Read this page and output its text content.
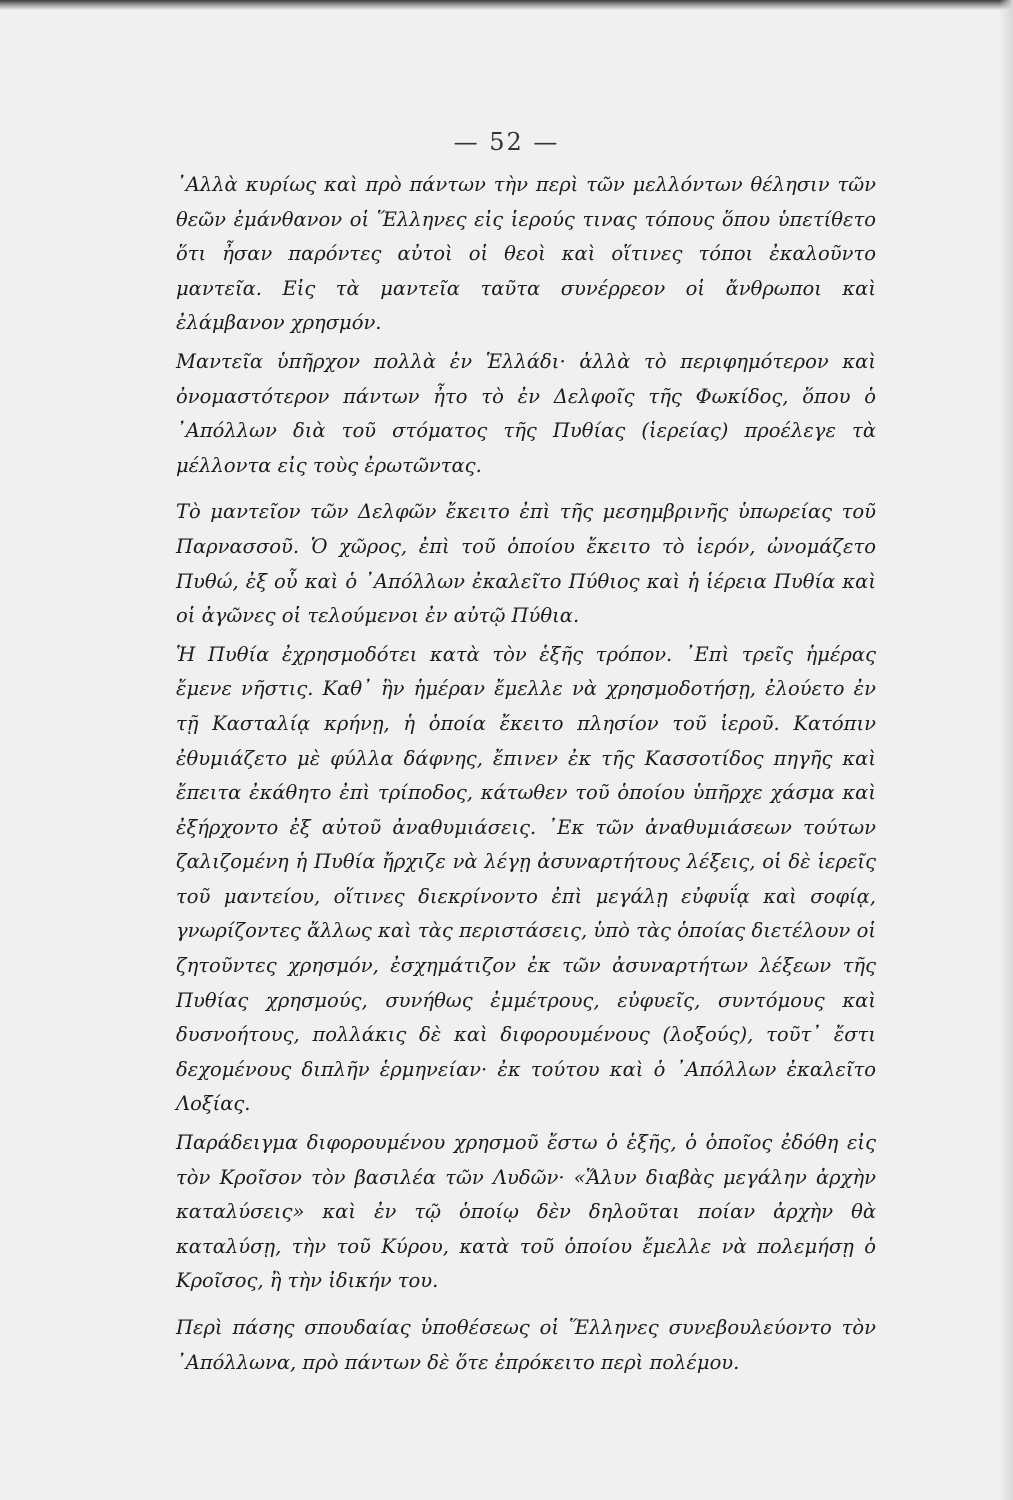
— 52 —

᾿Αλλὰ κυρίως καὶ πρὸ πάντων τὴν περὶ τῶν μελλόντων θέλησιν τῶν θεῶν ἐμάνθανον οἱ Ἕλληνες εἰς ἱερούς τινας τόπους ὅπου ὑπετίθετο ὅτι ἦσαν παρόντες αὐτοὶ οἱ θεοὶ καὶ οἵτινες τόποι ἐκαλοῦντο μαντεῖα. Εἰς τὰ μαντεῖα ταῦτα συνέρρεον οἱ ἄνθρωποι καὶ ἐλάμβανον χρησμόν.

Μαντεῖα ὑπῆρχον πολλὰ ἐν Ἑλλάδι· ἀλλὰ τὸ περιφημότερον καὶ ὀνομαστότερον πάντων ἦτο τὸ ἐν Δελφοῖς τῆς Φωκίδος, ὅπου ὁ ᾿Απόλλων διὰ τοῦ στόματος τῆς Πυθίας (ἱερείας) προέλεγε τὰ μέλλοντα εἰς τοὺς ἐρωτῶντας.

Τὸ μαντεῖον τῶν Δελφῶν ἔκειτο ἐπὶ τῆς μεσημβρινῆς ὑπωρείας τοῦ Παρνασσοῦ. Ὁ χῶρος, ἐπὶ τοῦ ὁποίου ἔκειτο τὸ ἱερόν, ὠνομάζετο Πυθώ, ἐξ οὗ καὶ ὁ ᾿Απόλλων ἐκαλεῖτο Πύθιος καὶ ἡ ἱέρεια Πυθία καὶ οἱ ἀγῶνες οἱ τελούμενοι ἐν αὐτῷ Πύθια.

Ἡ Πυθία ἐχρησμοδότει κατὰ τὸν ἑξῆς τρόπον. ᾿Επὶ τρεῖς ἡμέρας ἔμενε νῆστις. Καθ᾿ ἣν ἡμέραν ἔμελλε νὰ χρησμοδοτήσῃ, ἐλούετο ἐν τῇ Κασταλίᾳ κρήνῃ, ἡ ὁποία ἔκειτο πλησίον τοῦ ἱεροῦ. Κατόπιν ἐθυμιάζετο μὲ φύλλα δάφνης, ἔπινεν ἐκ τῆς Κασσοτίδος πηγῆς καὶ ἔπειτα ἐκάθητο ἐπὶ τρίποδος, κάτωθεν τοῦ ὁποίου ὑπῆρχε χάσμα καὶ ἐξήρχοντο ἐξ αὐτοῦ ἀναθυμιάσεις. ᾿Εκ τῶν ἀναθυμιάσεων τούτων ζαλιζομένη ἡ Πυθία ἤρχιζε νὰ λέγῃ ἀσυναρτήτους λέξεις, οἱ δὲ ἱερεῖς τοῦ μαντείου, οἵτινες διεκρίνοντο ἐπὶ μεγάλῃ εὐφυΐᾳ καὶ σοφίᾳ, γνωρίζοντες ἄλλως καὶ τὰς περιστάσεις, ὑπὸ τὰς ὁποίας διετέλουν οἱ ζητοῦντες χρησμόν, ἐσχημάτιζον ἐκ τῶν ἀσυναρτήτων λέξεων τῆς Πυθίας χρησμούς, συνήθως ἐμμέτρους, εὐφυεῖς, συντόμους καὶ δυσνοήτους, πολλάκις δὲ καὶ διφορουμένους (λοξούς), τοῦτ᾿ ἔστι δεχομένους διπλῆν ἑρμηνείαν· ἐκ τούτου καὶ ὁ ᾿Απόλλων ἐκαλεῖτο Λοξίας.

Παράδειγμα διφορουμένου χρησμοῦ ἔστω ὁ ἑξῆς, ὁ ὁποῖος ἐδόθη εἰς τὸν Κροῖσον τὸν βασιλέα τῶν Λυδῶν· «Ἅλυν διαβὰς μεγάλην ἀρχὴν καταλύσεις» καὶ ἐν τῷ ὁποίῳ δὲν δηλοῦται ποίαν ἀρχὴν θὰ καταλύσῃ, τὴν τοῦ Κύρου, κατὰ τοῦ ὁποίου ἔμελλε νὰ πολεμήσῃ ὁ Κροῖσος, ἢ τὴν ἰδικήν του.

Περὶ πάσης σπουδαίας ὑποθέσεως οἱ Ἕλληνες συνεβουλεύοντο τὸν ᾿Απόλλωνα, πρὸ πάντων δὲ ὅτε ἐπρόκειτο περὶ πολέμου.
